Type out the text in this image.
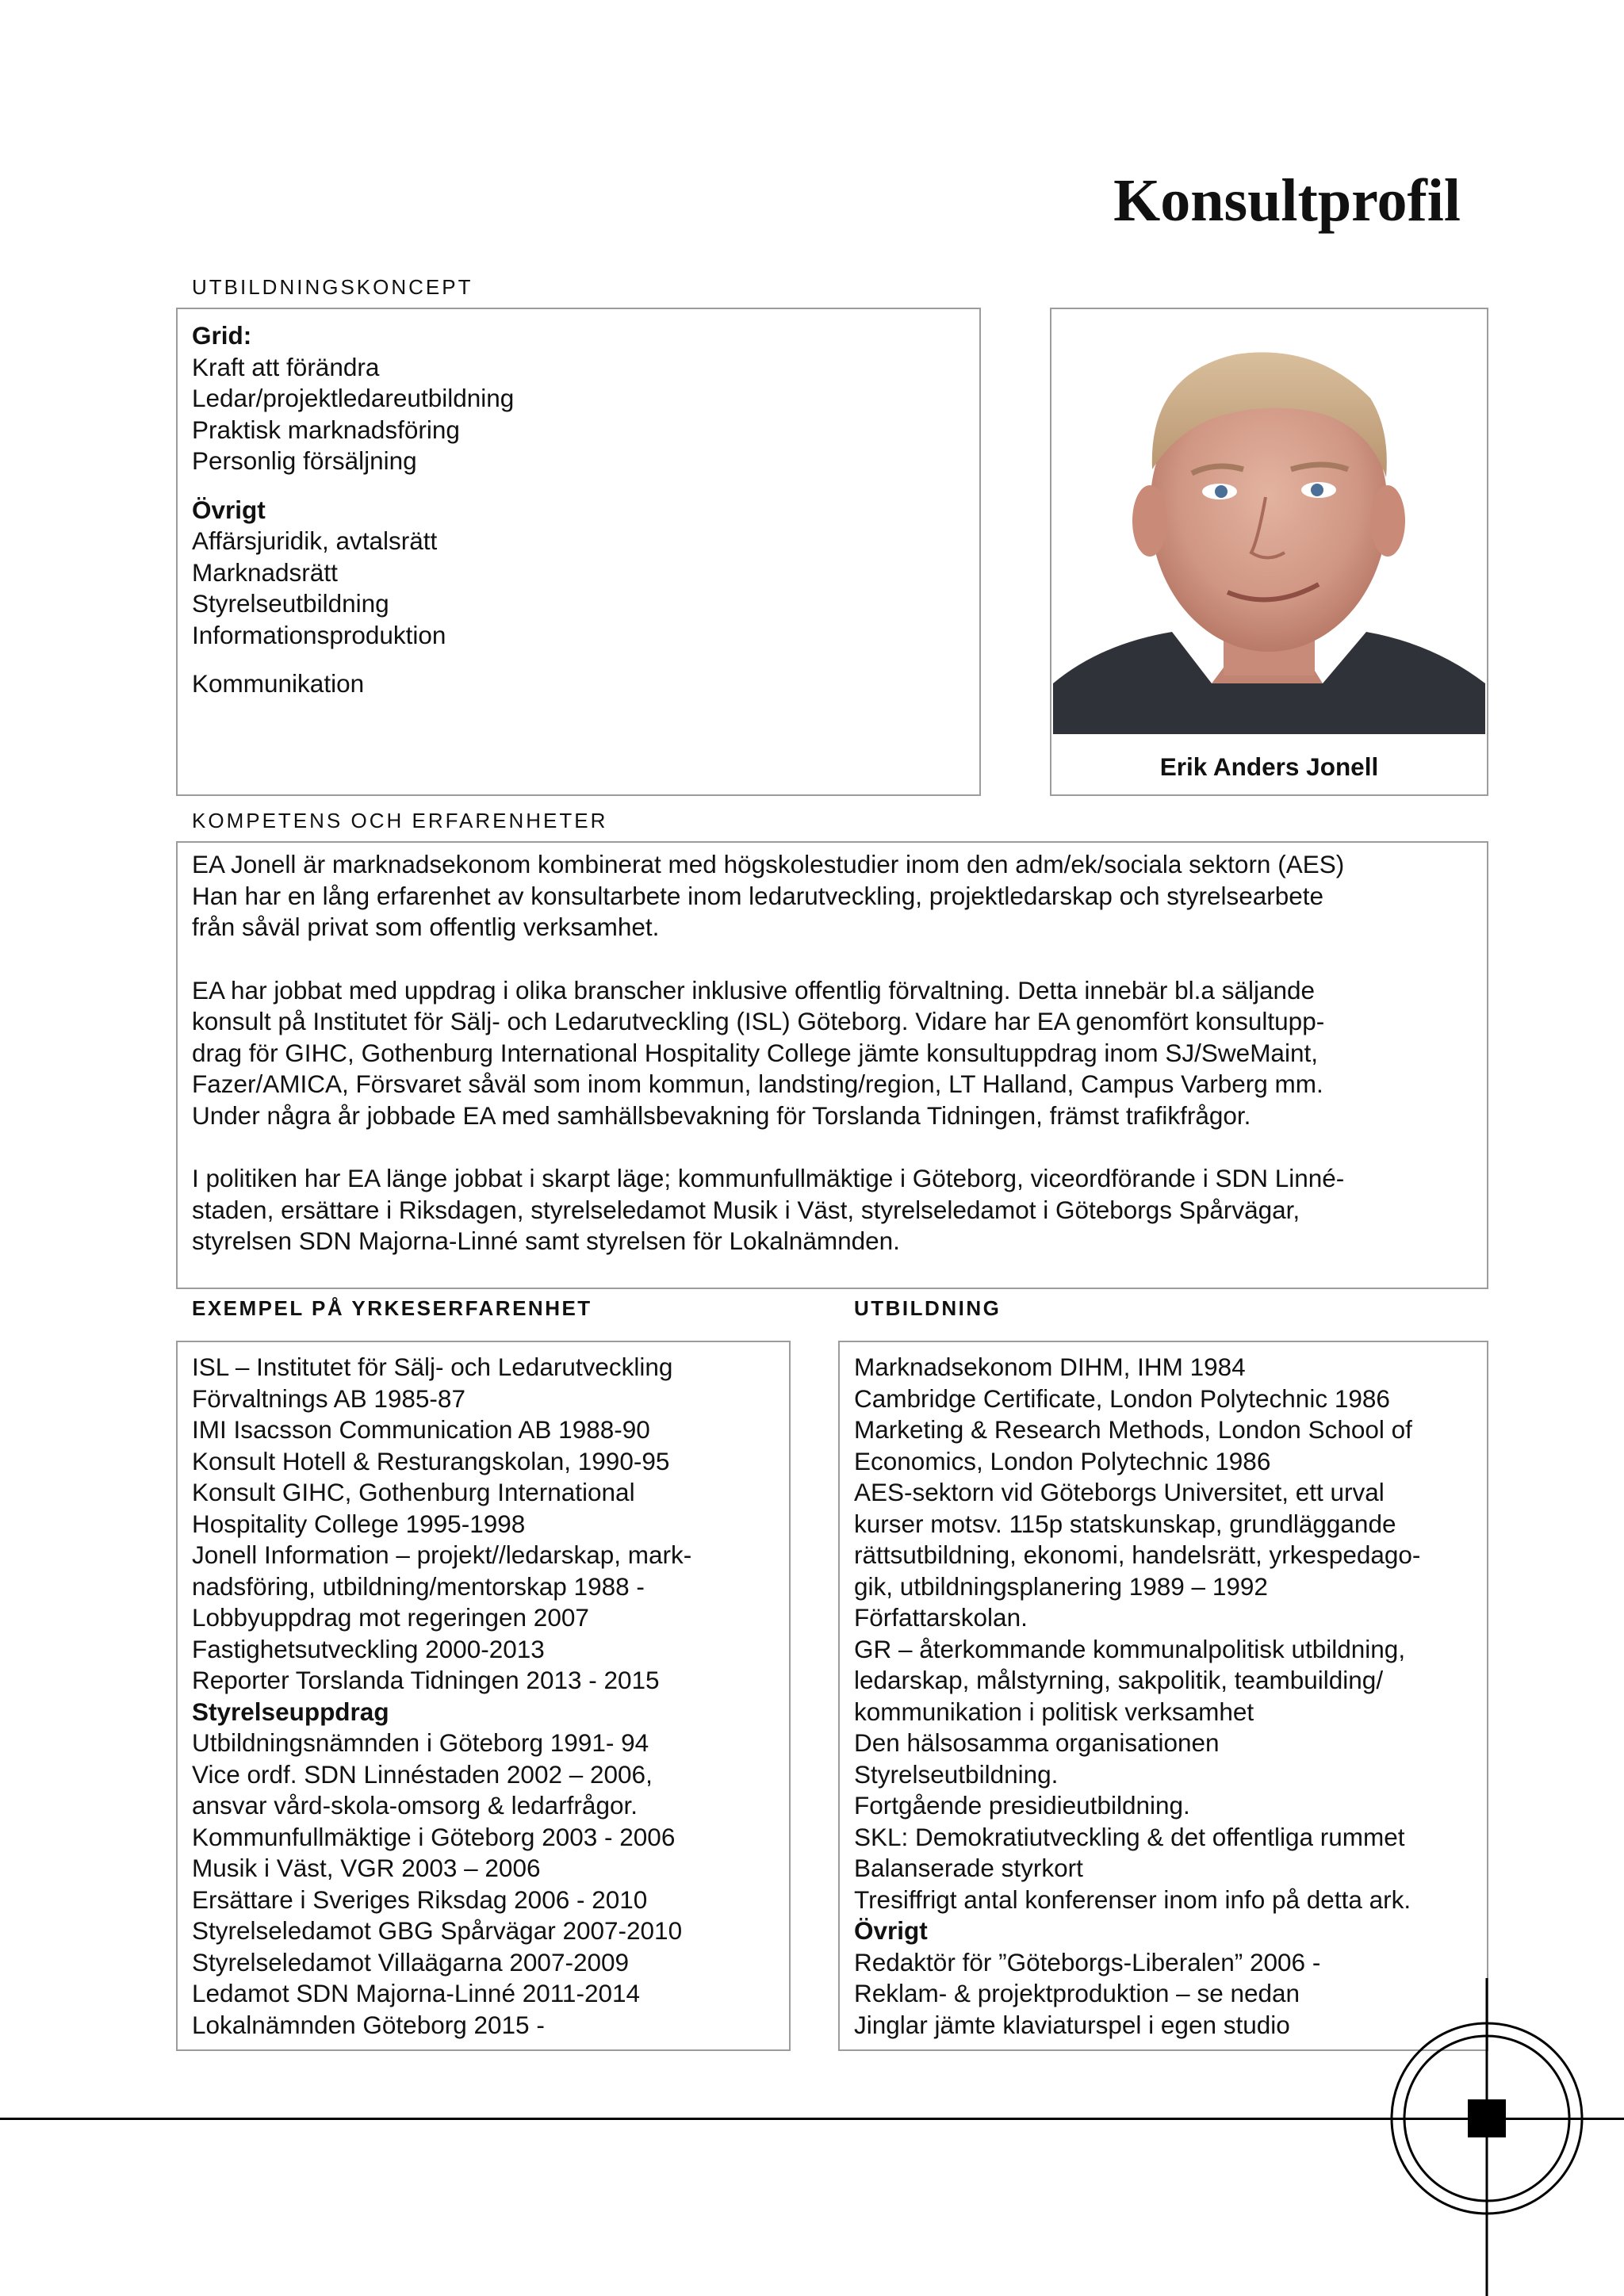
Konsultprofil

UTBILDNINGSKONCEPT

Grid:

Kraft att förändra

Ledar/projektledareutbildning

Praktisk marknadsföring

Personlig försäljning

Övrigt

Affärsjuridik, avtalsrätt

Marknadsrätt

Styrelseutbildning

Informationsproduktion

Kommunikation

Erik Anders Jonell

KOMPETENS OCH ERFARENHETER

EA Jonell är marknadsekonom kombinerat med högskolestudier inom den adm/ek/sociala sektorn (AES)

Han har en lång erfarenhet av konsultarbete inom ledarutveckling, projektledarskap och styrelsearbete

från såväl privat som offentlig verksamhet.

EA har jobbat med uppdrag i olika branscher inklusive offentlig förvaltning. Detta innebär bl.a säljande

konsult på Institutet för Sälj- och Ledarutveckling (ISL) Göteborg. Vidare har EA genomfört konsultupp-

drag för GIHC, Gothenburg International Hospitality College jämte konsultuppdrag inom SJ/SweMaint,

Fazer/AMICA, Försvaret såväl som inom kommun, landsting/region, LT Halland, Campus Varberg mm.

Under några år jobbade EA med samhällsbevakning för Torslanda Tidningen, främst trafikfrågor.

I politiken har EA länge jobbat i skarpt läge; kommunfullmäktige i Göteborg, viceordförande i SDN Linné-

staden, ersättare i Riksdagen, styrelseledamot Musik i Väst, styrelseledamot i Göteborgs Spårvägar,

styrelsen SDN Majorna-Linné samt styrelsen för Lokalnämnden.

EXEMPEL PÅ YRKESERFARENHET

ISL – Institutet för Sälj- och Ledarutveckling

Förvaltnings AB 1985-87

IMI Isacsson Communication AB 1988-90

Konsult Hotell & Resturangskolan, 1990-95

Konsult GIHC, Gothenburg International

Hospitality College 1995-1998

Jonell Information – projekt//ledarskap, mark-

nadsföring, utbildning/mentorskap 1988 -

Lobbyuppdrag mot regeringen 2007

Fastighetsutveckling 2000-2013

Reporter Torslanda Tidningen 2013 - 2015

Styrelseuppdrag

Utbildningsnämnden i Göteborg 1991- 94

Vice ordf. SDN Linnéstaden 2002 – 2006,

ansvar vård-skola-omsorg & ledarfrågor.

Kommunfullmäktige i Göteborg 2003 - 2006

Musik i Väst, VGR 2003 – 2006

Ersättare i Sveriges Riksdag 2006 - 2010

Styrelseledamot GBG Spårvägar 2007-2010

Styrelseledamot Villaägarna 2007-2009

Ledamot SDN Majorna-Linné 2011-2014

Lokalnämnden Göteborg 2015 -

UTBILDNING

Marknadsekonom DIHM, IHM 1984

Cambridge Certificate, London Polytechnic 1986

Marketing & Research Methods, London School of

Economics, London Polytechnic 1986

AES-sektorn vid Göteborgs Universitet, ett urval

kurser motsv. 115p statskunskap, grundläggande

rättsutbildning, ekonomi, handelsrätt, yrkespedago-

gik, utbildningsplanering 1989 – 1992

Författarskolan.

GR – återkommande kommunalpolitisk utbildning,

ledarskap, målstyrning, sakpolitik, teambuilding/

kommunikation i politisk verksamhet

Den hälsosamma organisationen

Styrelseutbildning.

Fortgående presidieutbildning.

SKL: Demokratiutveckling & det offentliga rummet

Balanserade styrkort

Tresiffrigt antal konferenser inom info på detta ark.

Övrigt

Redaktör för ”Göteborgs-Liberalen” 2006 -

Reklam- & projektproduktion – se nedan

Jinglar jämte klaviaturspel i egen studio
